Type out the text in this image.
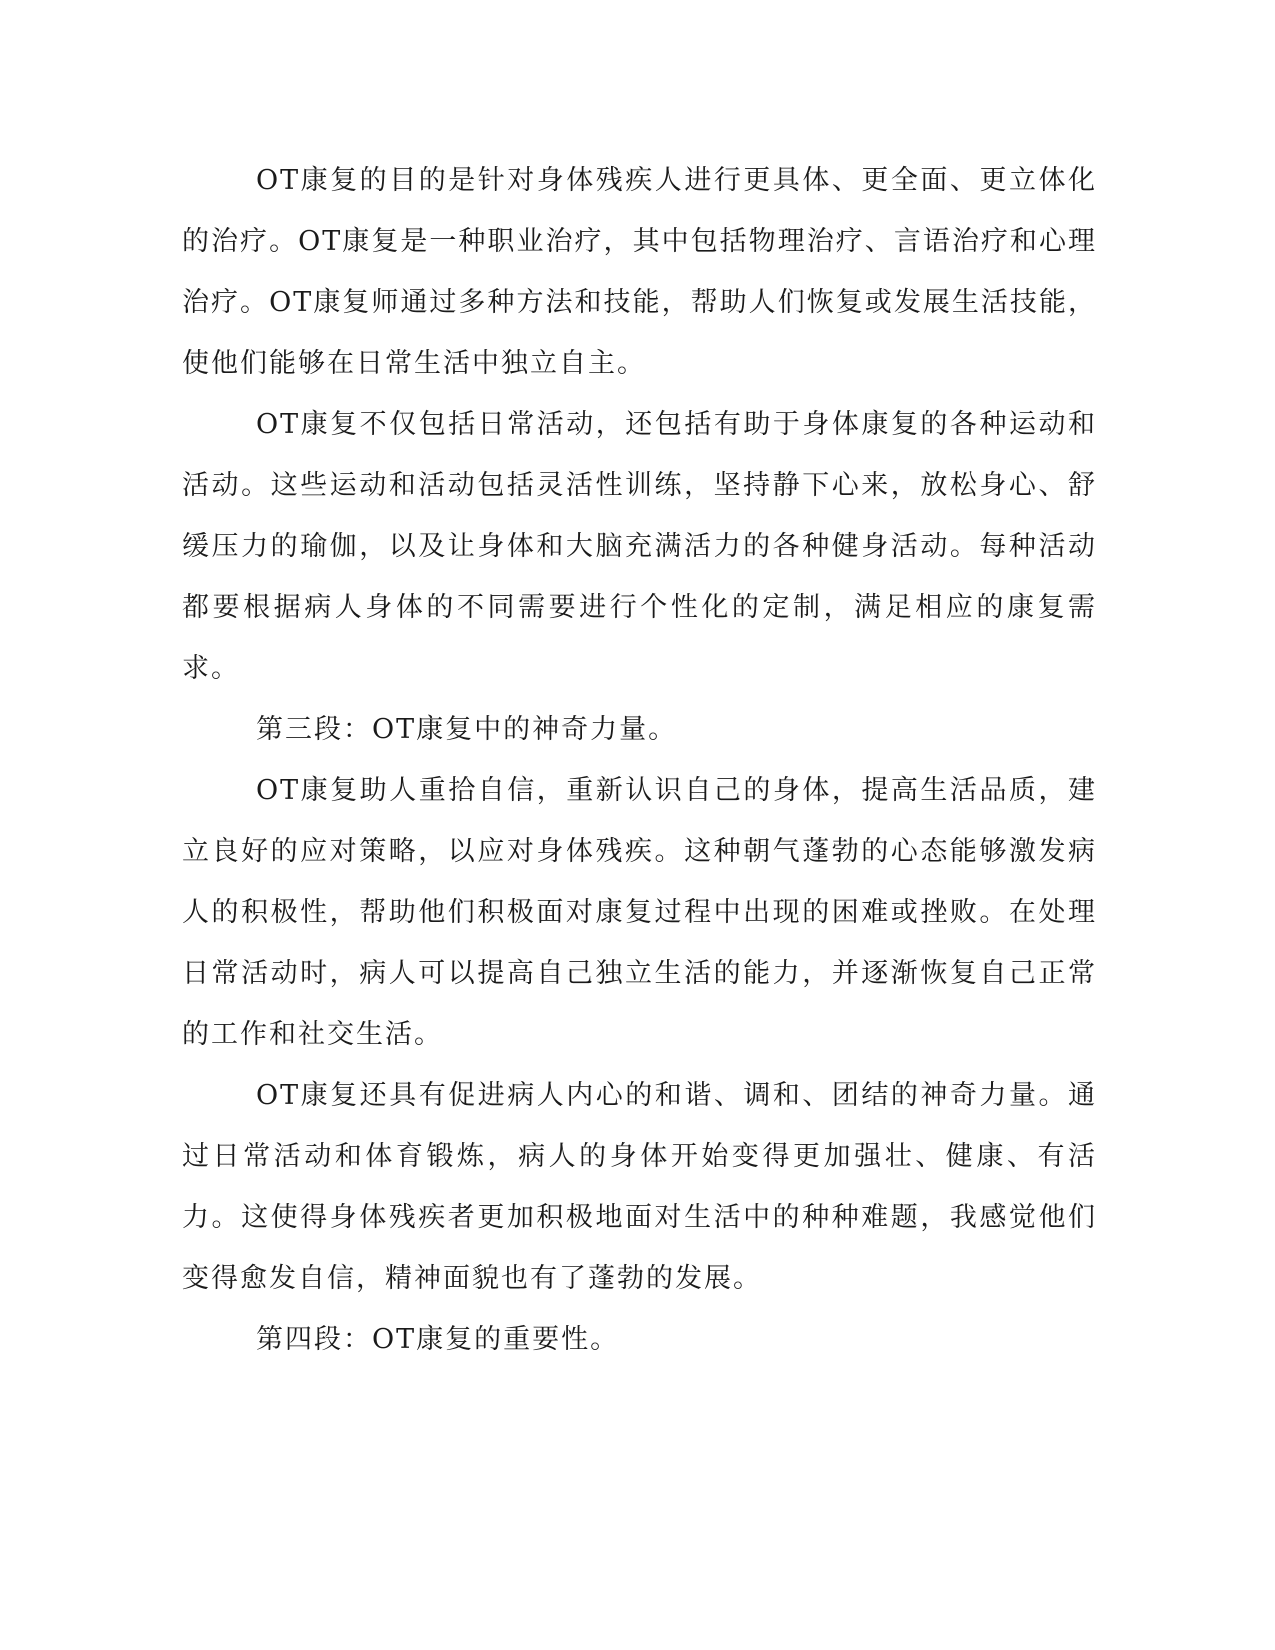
OT康复的目的是针对身体残疾人进行更具体、更全面、更立体化的治疗。OT康复是一种职业治疗，其中包括物理治疗、言语治疗和心理治疗。OT康复师通过多种方法和技能，帮助人们恢复或发展生活技能，使他们能够在日常生活中独立自主。

OT康复不仅包括日常活动，还包括有助于身体康复的各种运动和活动。这些运动和活动包括灵活性训练，坚持静下心来，放松身心、舒缓压力的瑜伽，以及让身体和大脑充满活力的各种健身活动。每种活动都要根据病人身体的不同需要进行个性化的定制，满足相应的康复需求。

第三段：OT康复中的神奇力量。

OT康复助人重拾自信，重新认识自己的身体，提高生活品质，建立良好的应对策略，以应对身体残疾。这种朝气蓬勃的心态能够激发病人的积极性，帮助他们积极面对康复过程中出现的困难或挫败。在处理日常活动时，病人可以提高自己独立生活的能力，并逐渐恢复自己正常的工作和社交生活。

OT康复还具有促进病人内心的和谐、调和、团结的神奇力量。通过日常活动和体育锻炼，病人的身体开始变得更加强壮、健康、有活力。这使得身体残疾者更加积极地面对生活中的种种难题，我感觉他们变得愈发自信，精神面貌也有了蓬勃的发展。

第四段：OT康复的重要性。
